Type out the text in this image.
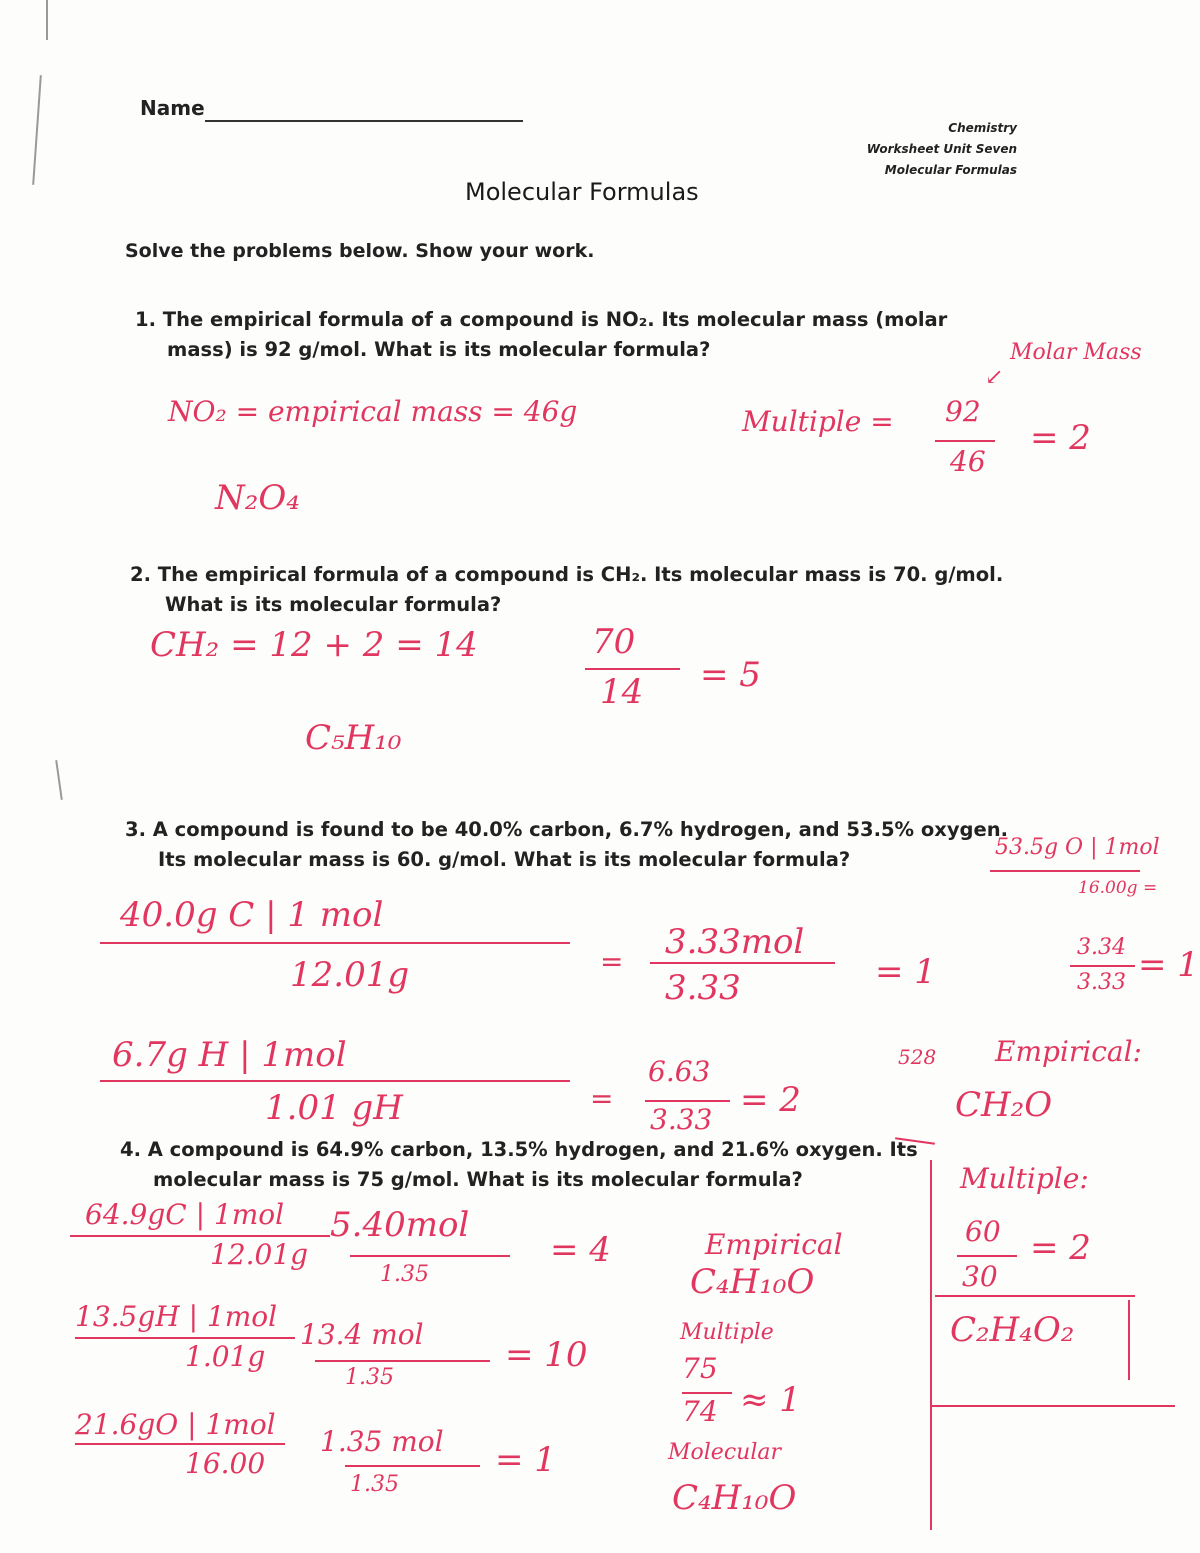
Name
Chemistry
Worksheet Unit Seven
Molecular Formulas
Molecular Formulas
Solve the problems below. Show your work.
1. The empirical formula of a compound is NO₂. Its molecular mass (molar
mass) is 92 g/mol. What is its molecular formula?	Molar Mass
↙
NO₂ = empirical mass = 46g	Multiple = 92
46
= 2
N₂O₄
2. The empirical formula of a compound is CH₂. Its molecular mass is 70. g/mol.
What is its molecular formula?
CH₂ = 12 + 2 = 14	70
14 = 5
C₅H₁₀
3. A compound is found to be 40.0% carbon, 6.7% hydrogen, and 53.5% oxygen.
Its molecular mass is 60. g/mol. What is its molecular formula?
40.0g C | 1 mol
12.01g	= 3.33mol
3.33	= 1
53.5g O | 1mol
16.00g =
3.34
3.33 = 1
6.7g H | 1mol
1.01 gH	=
6.63
3.33 = 2
528 Empirical:
CH₂O
Multiple:
60
30
= 2
C₂H₄O₂
4. A compound is 64.9% carbon, 13.5% hydrogen, and 21.6% oxygen. Its
molecular mass is 75 g/mol. What is its molecular formula?
64.9gC | 1mol
12.01g
5.40mol
1.35
= 4
13.5gH | 1mol
1.01g
13.4 mol
1.35
= 10
21.6gO | 1mol
16.00
1.35 mol
1.35
= 1
Empirical
C₄H₁₀O
Multiple
75
74 ≈ 1
Molecular
C₄H₁₀O
